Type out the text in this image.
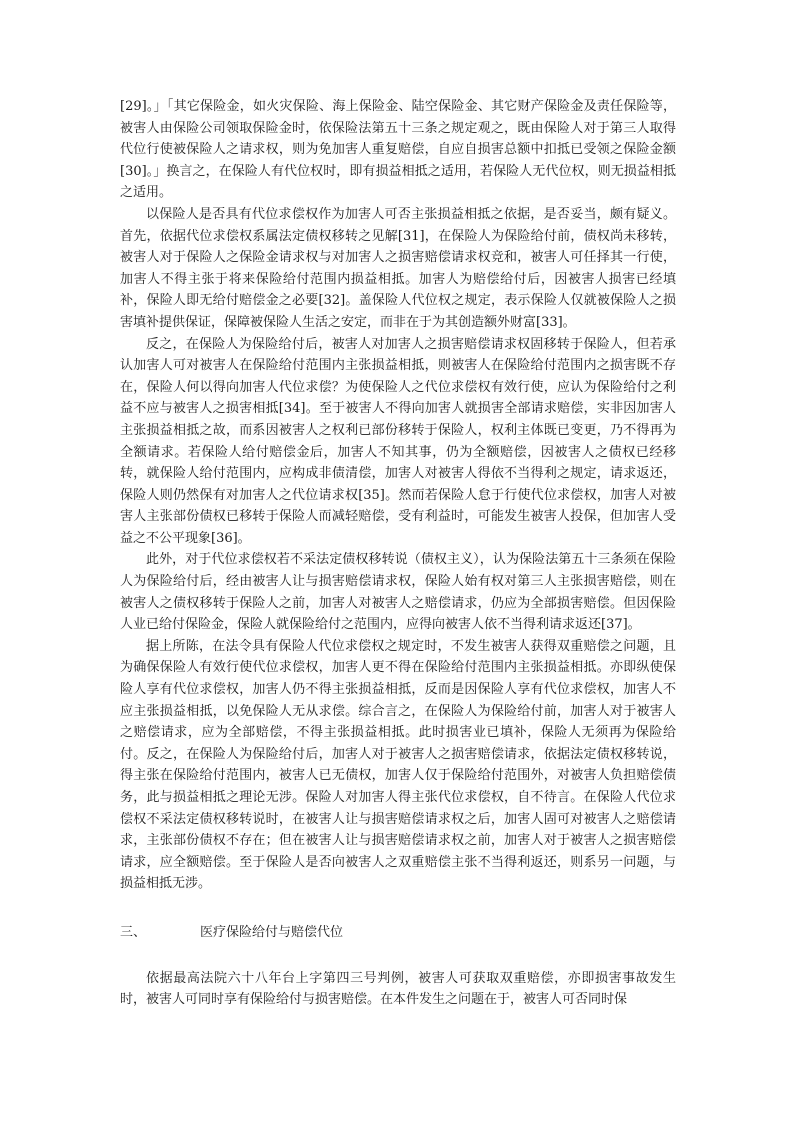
[29]。」「其它保险金，如火灾保险、海上保险金、陆空保险金、其它财产保险金及责任保险等，被害人由保险公司领取保险金时，依保险法第五十三条之规定观之，既由保险人对于第三人取得代位行使被保险人之请求权，则为免加害人重复赔偿，自应自损害总额中扣抵已受领之保险金额[30]。」换言之，在保险人有代位权时，即有损益相抵之适用，若保险人无代位权，则无损益相抵之适用。

以保险人是否具有代位求偿权作为加害人可否主张损益相抵之依据，是否妥当，颇有疑义。首先，依据代位求偿权系属法定债权移转之见解[31]，在保险人为保险给付前，债权尚未移转，被害人对于保险人之保险金请求权与对加害人之损害赔偿请求权竞和，被害人可任择其一行使，加害人不得主张于将来保险给付范围内损益相抵。加害人为赔偿给付后，因被害人损害已经填补，保险人即无给付赔偿金之必要[32]。盖保险人代位权之规定，表示保险人仅就被保险人之损害填补提供保证，保障被保险人生活之安定，而非在于为其创造额外财富[33]。

反之，在保险人为保险给付后，被害人对加害人之损害赔偿请求权固移转于保险人，但若承认加害人可对被害人在保险给付范围内主张损益相抵，则被害人在保险给付范围内之损害既不存在，保险人何以得向加害人代位求偿？为使保险人之代位求偿权有效行使，应认为保险给付之利益不应与被害人之损害相抵[34]。至于被害人不得向加害人就损害全部请求赔偿，实非因加害人主张损益相抵之故，而系因被害人之权利已部份移转于保险人，权利主体既已变更，乃不得再为全额请求。若保险人给付赔偿金后，加害人不知其事，仍为全额赔偿，因被害人之债权已经移转，就保险人给付范围内，应构成非债清偿，加害人对被害人得依不当得利之规定，请求返还，保险人则仍然保有对加害人之代位请求权[35]。然而若保险人怠于行使代位求偿权，加害人对被害人主张部份债权已移转于保险人而减轻赔偿，受有利益时，可能发生被害人投保，但加害人受益之不公平现象[36]。

此外，对于代位求偿权若不采法定债权移转说（债权主义），认为保险法第五十三条须在保险人为保险给付后，经由被害人让与损害赔偿请求权，保险人始有权对第三人主张损害赔偿，则在被害人之债权移转于保险人之前，加害人对被害人之赔偿请求，仍应为全部损害赔偿。但因保险人业已给付保险金，保险人就保险给付之范围内，应得向被害人依不当得利请求返还[37]。

据上所陈，在法令具有保险人代位求偿权之规定时，不发生被害人获得双重赔偿之问题，且为确保保险人有效行使代位求偿权，加害人更不得在保险给付范围内主张损益相抵。亦即纵使保险人享有代位求偿权，加害人仍不得主张损益相抵，反而是因保险人享有代位求偿权，加害人不应主张损益相抵，以免保险人无从求偿。综合言之，在保险人为保险给付前，加害人对于被害人之赔偿请求，应为全部赔偿，不得主张损益相抵。此时损害业已填补，保险人无须再为保险给付。反之，在保险人为保险给付后，加害人对于被害人之损害赔偿请求，依据法定债权移转说，得主张在保险给付范围内，被害人已无债权，加害人仅于保险给付范围外，对被害人负担赔偿债务，此与损益相抵之理论无涉。保险人对加害人得主张代位求偿权，自不待言。在保险人代位求偿权不采法定债权移转说时，在被害人让与损害赔偿请求权之后，加害人固可对被害人之赔偿请求，主张部份债权不存在；但在被害人让与损害赔偿请求权之前，加害人对于被害人之损害赔偿请求，应全额赔偿。至于保险人是否向被害人之双重赔偿主张不当得利返还，则系另一问题，与损益相抵无涉。

三、	医疗保险给付与赔偿代位

依据最高法院六十八年台上字第四三号判例，被害人可获取双重赔偿，亦即损害事故发生时，被害人可同时享有保险给付与损害赔偿。在本件发生之问题在于，被害人可否同时保
